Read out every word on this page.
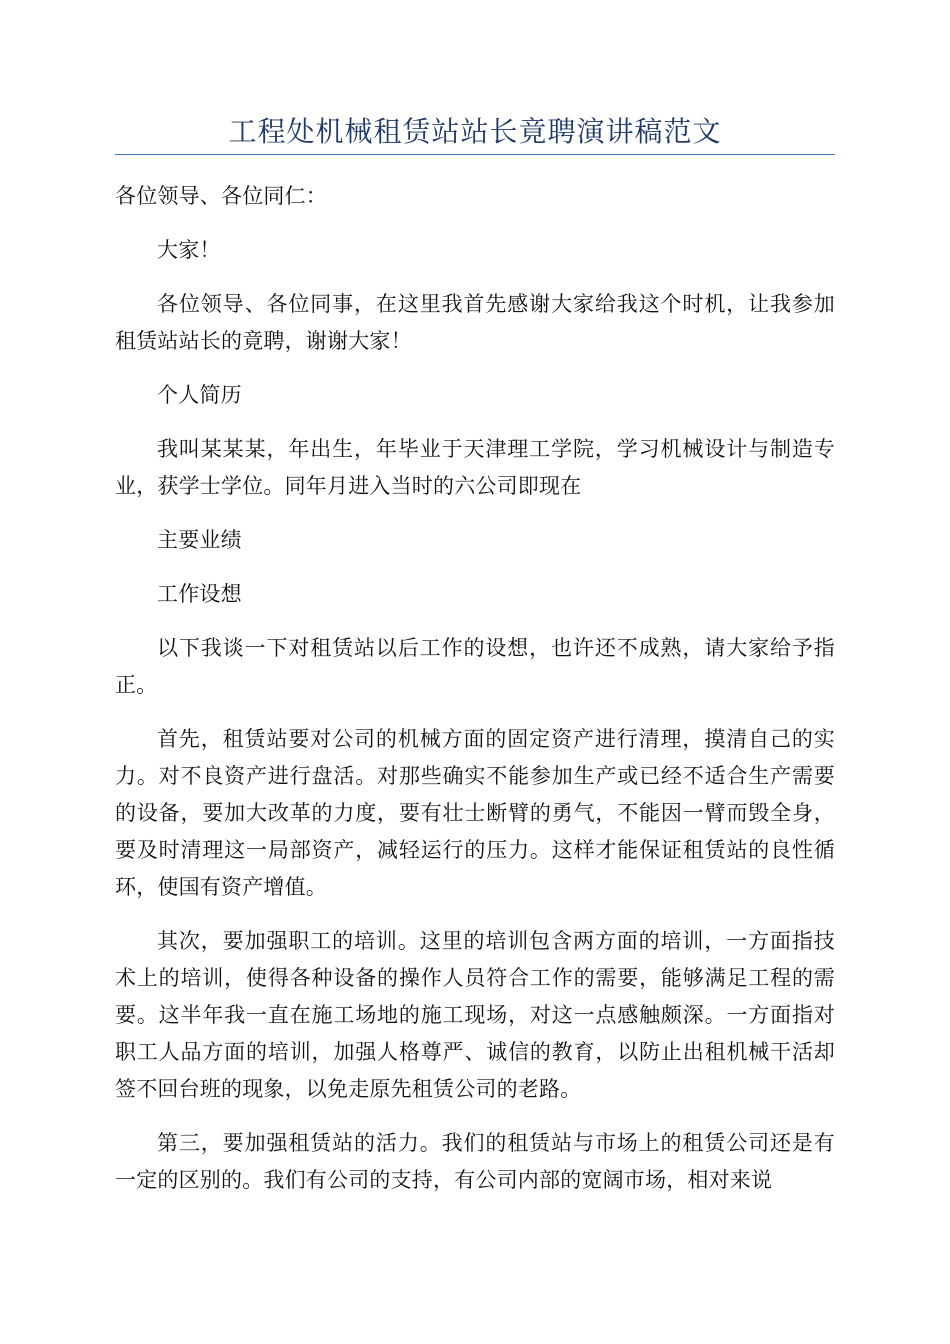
工程处机械租赁站站长竟聘演讲稿范文

各位领导、各位同仁：

大家！

各位领导、各位同事，在这里我首先感谢大家给我这个时机，让我参加租赁站站长的竟聘，谢谢大家！

个人简历

我叫某某某，年出生，年毕业于天津理工学院，学习机械设计与制造专业，获学士学位。同年月进入当时的六公司即现在

主要业绩

工作设想

以下我谈一下对租赁站以后工作的设想，也许还不成熟，请大家给予指正。

首先，租赁站要对公司的机械方面的固定资产进行清理，摸清自己的实力。对不良资产进行盘活。对那些确实不能参加生产或已经不适合生产需要的设备，要加大改革的力度，要有壮士断臂的勇气，不能因一臂而毁全身，要及时清理这一局部资产，减轻运行的压力。这样才能保证租赁站的良性循环，使国有资产增值。

其次，要加强职工的培训。这里的培训包含两方面的培训，一方面指技术上的培训，使得各种设备的操作人员符合工作的需要，能够满足工程的需要。这半年我一直在施工场地的施工现场，对这一点感触颇深。一方面指对职工人品方面的培训，加强人格尊严、诚信的教育，以防止出租机械干活却签不回台班的现象，以免走原先租赁公司的老路。

第三，要加强租赁站的活力。我们的租赁站与市场上的租赁公司还是有一定的区别的。我们有公司的支持，有公司内部的宽阔市场，相对来说
